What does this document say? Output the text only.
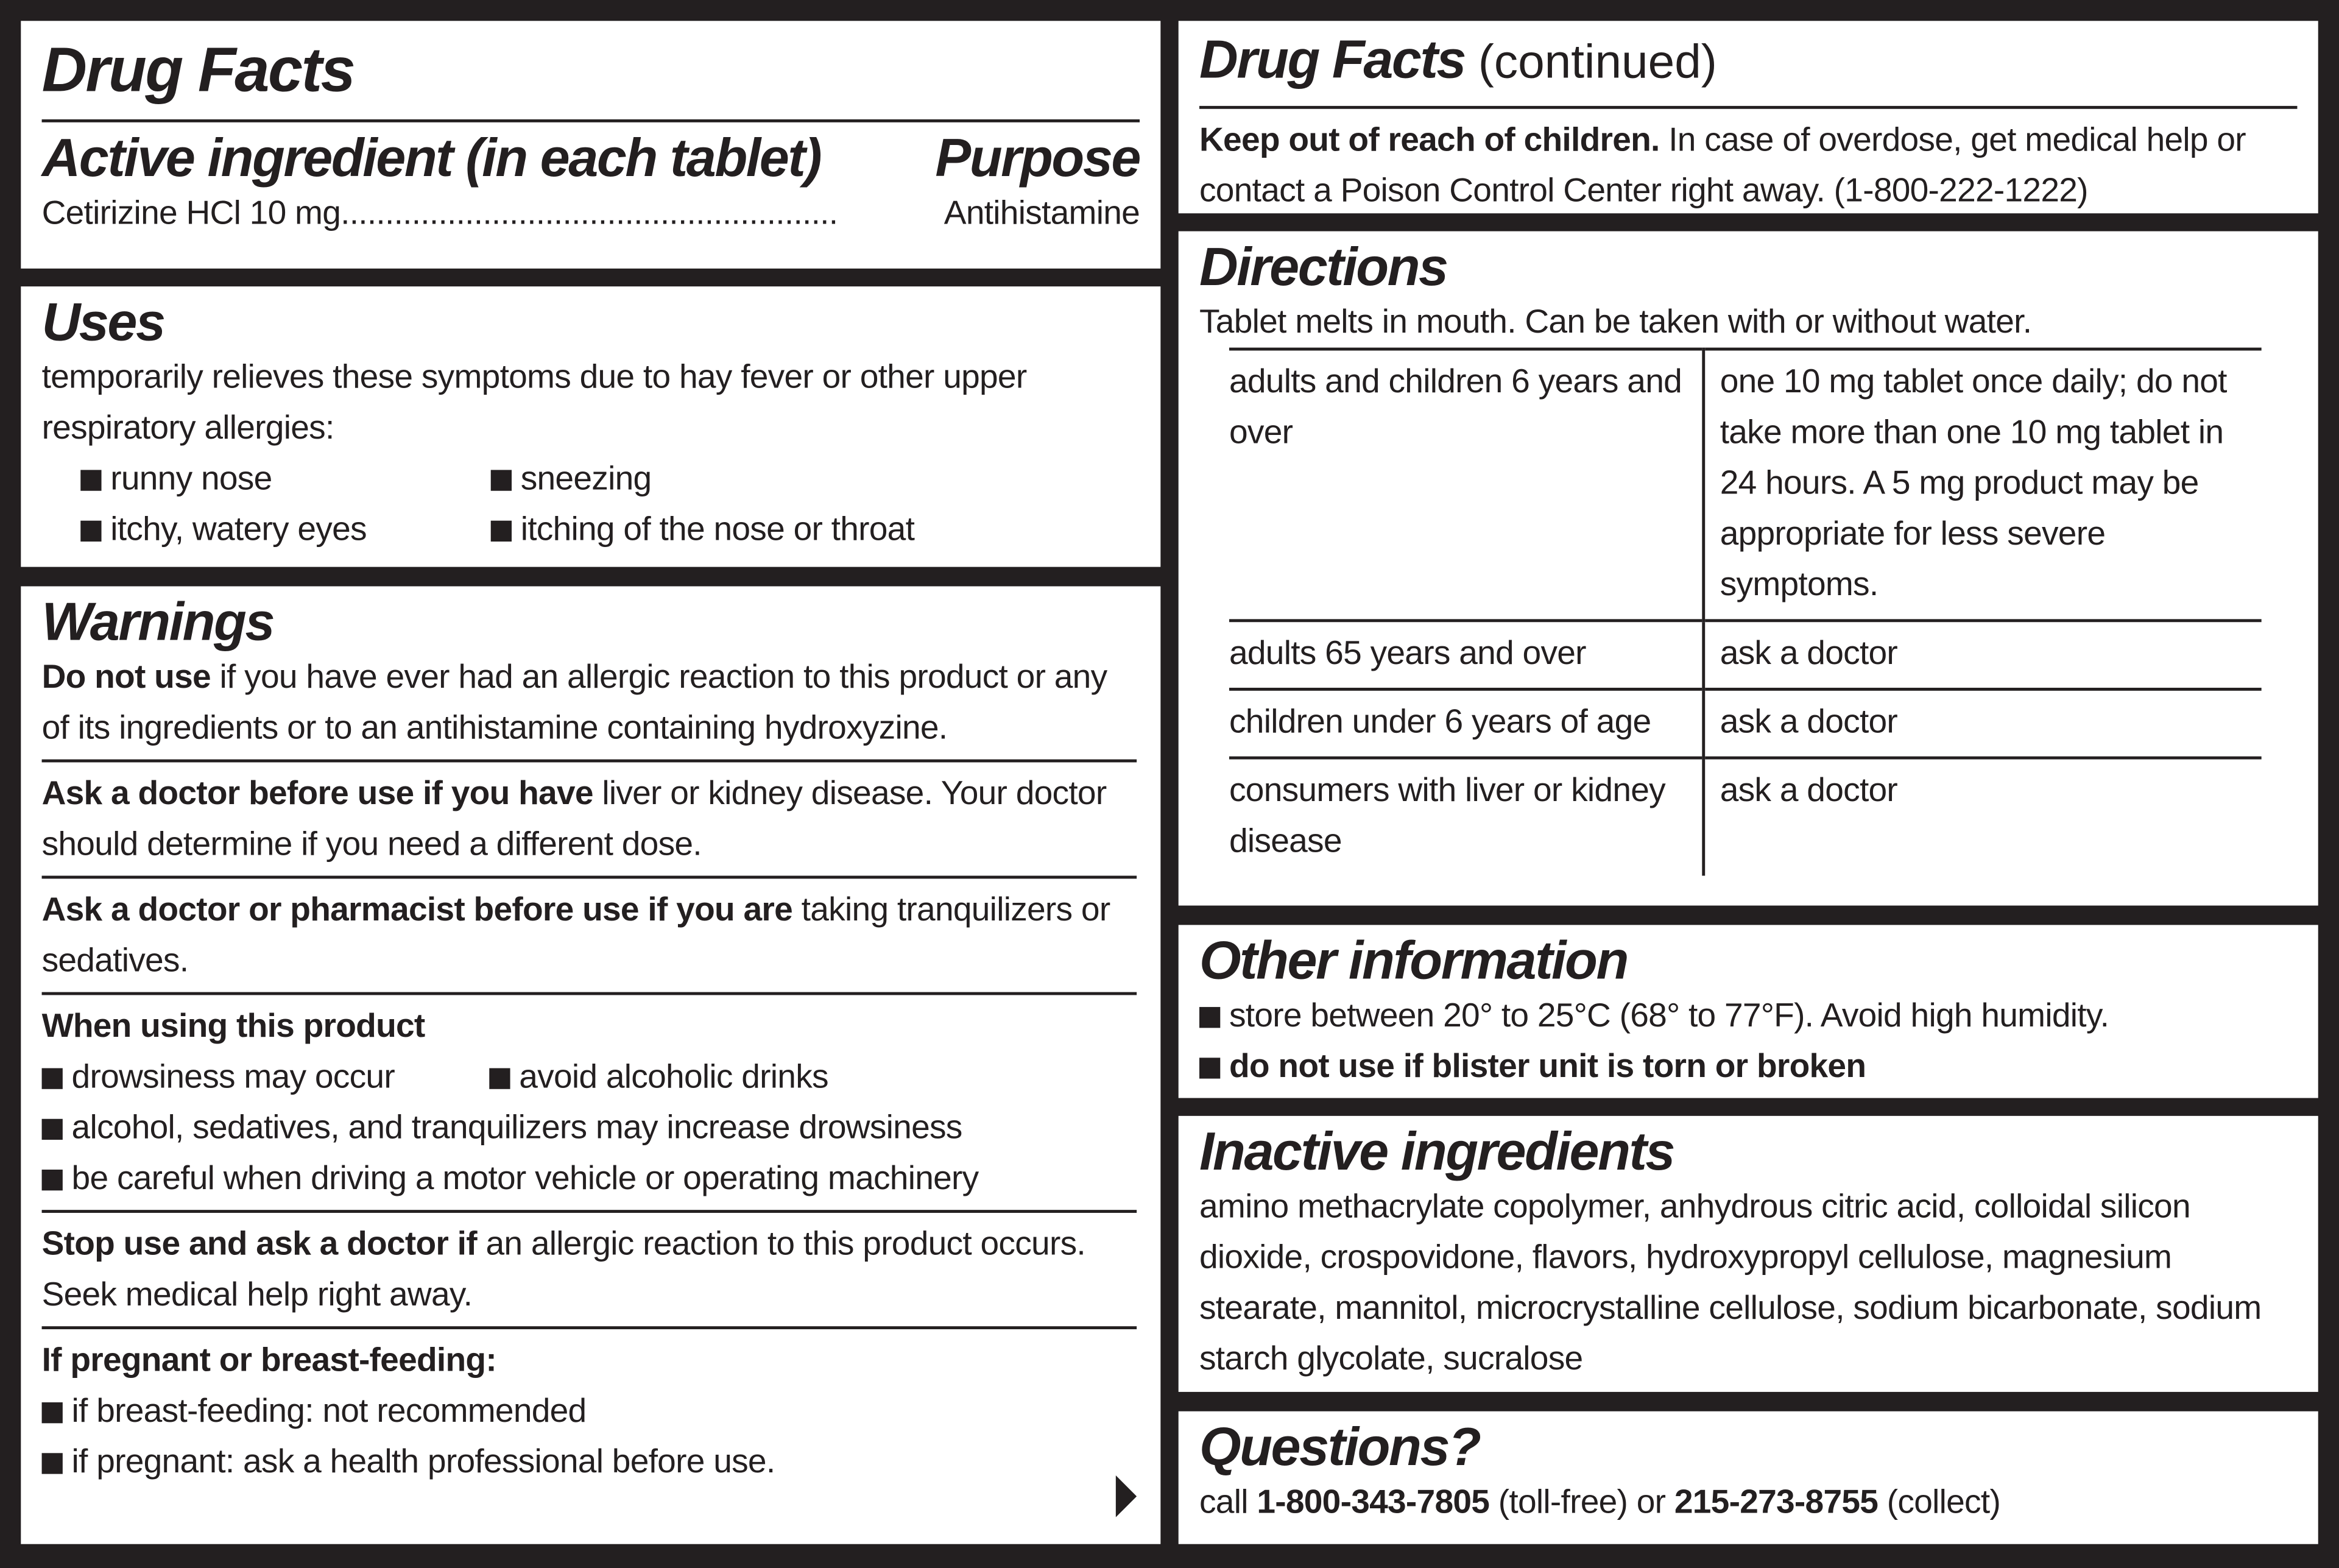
Drug Facts
Active ingredient (in each tablet)	Purpose
Cetirizine HCl 10 mg ........................................................	Antihistamine
Uses
temporarily relieves these symptoms due to hay fever or other upper respiratory allergies:
runny nose	sneezing
itchy, watery eyes	itching of the nose or throat
Warnings
Do not use if you have ever had an allergic reaction to this product or any of its ingredients or to an antihistamine containing hydroxyzine.
Ask a doctor before use if you have liver or kidney disease. Your doctor should determine if you need a different dose.
Ask a doctor or pharmacist before use if you are taking tranquilizers or sedatives.
When using this product
drowsiness may occur	avoid alcoholic drinks
alcohol, sedatives, and tranquilizers may increase drowsiness
be careful when driving a motor vehicle or operating machinery
Stop use and ask a doctor if an allergic reaction to this product occurs. Seek medical help right away.
If pregnant or breast-feeding:
if breast-feeding: not recommended
if pregnant: ask a health professional before use.
Drug Facts (continued)
Keep out of reach of children. In case of overdose, get medical help or contact a Poison Control Center right away. (1-800-222-1222)
Directions
Tablet melts in mouth. Can be taken with or without water.
adults and children 6 years and over	one 10 mg tablet once daily; do not take more than one 10 mg tablet in 24 hours. A 5 mg product may be appropriate for less severe symptoms.
adults 65 years and over	ask a doctor
children under 6 years of age	ask a doctor
consumers with liver or kidney disease	ask a doctor
Other information
store between 20° to 25°C (68° to 77°F). Avoid high humidity.
do not use if blister unit is torn or broken
Inactive ingredients
amino methacrylate copolymer, anhydrous citric acid, colloidal silicon dioxide, crospovidone, flavors, hydroxypropyl cellulose, magnesium stearate, mannitol, microcrystalline cellulose, sodium bicarbonate, sodium starch glycolate, sucralose
Questions?
call 1-800-343-7805 (toll-free) or 215-273-8755 (collect)
